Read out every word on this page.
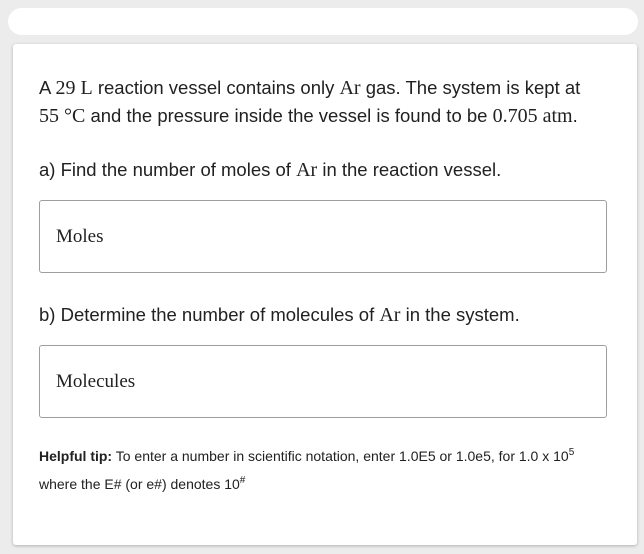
A 29 L reaction vessel contains only Ar gas. The system is kept at
55 °C and the pressure inside the vessel is found to be 0.705 atm.

a) Find the number of moles of Ar in the reaction vessel.

Moles

b) Determine the number of molecules of Ar in the system.

Molecules
Helpful tip: To enter a number in scientific notation, enter 1.0E5 or 1.0e5, for 1.0 x $10^5$
where the E# (or e#) denotes 10#
